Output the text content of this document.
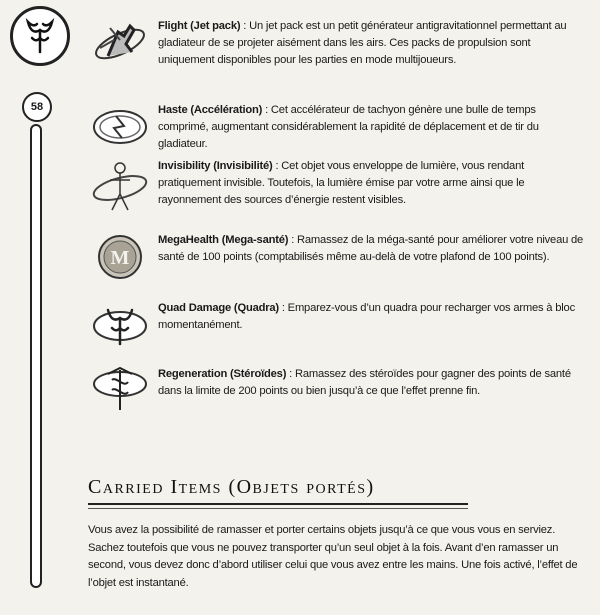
58
Flight (Jet pack) : Un jet pack est un petit générateur antigravitationnel permettant au gladiateur de se projeter aisément dans les airs. Ces packs de propulsion sont uniquement disponibles pour les parties en mode multijoueurs.
Haste (Accélération) : Cet accélérateur de tachyon génère une bulle de temps comprimé, augmentant considérablement la rapidité de déplacement et de tir du gladiateur.
Invisibility (Invisibilité) : Cet objet vous enveloppe de lumière, vous rendant pratiquement invisible. Toutefois, la lumière émise par votre arme ainsi que le rayonnement des sources d’énergie restent visibles.
M
MegaHealth (Mega-santé) : Ramassez de la méga-santé pour améliorer votre niveau de santé de 100 points (comptabilisés même au-delà de votre plafond de 100 points).
Quad Damage (Quadra) : Emparez-vous d’un quadra pour recharger vos armes à bloc momentanément.
Regeneration (Stéroïdes) : Ramassez des stéroïdes pour gagner des points de santé dans la limite de 200 points ou bien jusqu’à ce que l’effet prenne fin.
Carried Items (Objets portés)
Vous avez la possibilité de ramasser et porter certains objets jusqu’à ce que vous vous en serviez. Sachez toutefois que vous ne pouvez transporter qu’un seul objet à la fois. Avant d’en ramasser un second, vous devez donc d’abord utiliser celui que vous avez entre les mains. Une fois activé, l’effet de l’objet est instantané.
